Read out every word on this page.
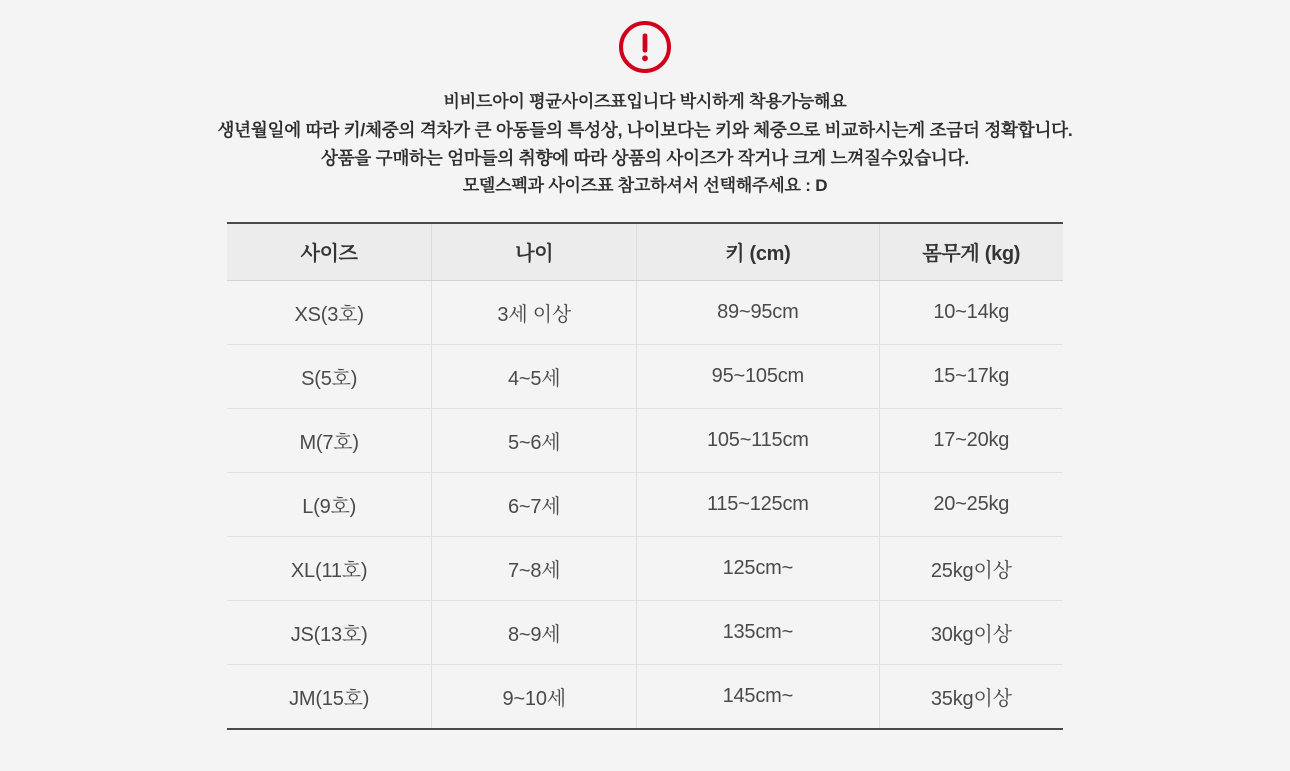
비비드아이 평균사이즈표입니다 박시하게 착용가능해요
생년월일에 따라 키/체중의 격차가 큰 아동들의 특성상, 나이보다는 키와 체중으로 비교하시는게 조금더 정확합니다.
상품을 구매하는 엄마들의 취향에 따라 상품의 사이즈가 작거나 크게 느껴질수있습니다.
모델스펙과 사이즈표 참고하셔서 선택해주세요 : D
사이즈	나이	키 (cm)	몸무게 (kg)
XS(3호)	3세 이상	89~95cm	10~14kg
S(5호)	4~5세	95~105cm	15~17kg
M(7호)	5~6세	105~115cm	17~20kg
L(9호)	6~7세	115~125cm	20~25kg
XL(11호)	7~8세	125cm~	25kg이상
JS(13호)	8~9세	135cm~	30kg이상
JM(15호)	9~10세	145cm~	35kg이상
